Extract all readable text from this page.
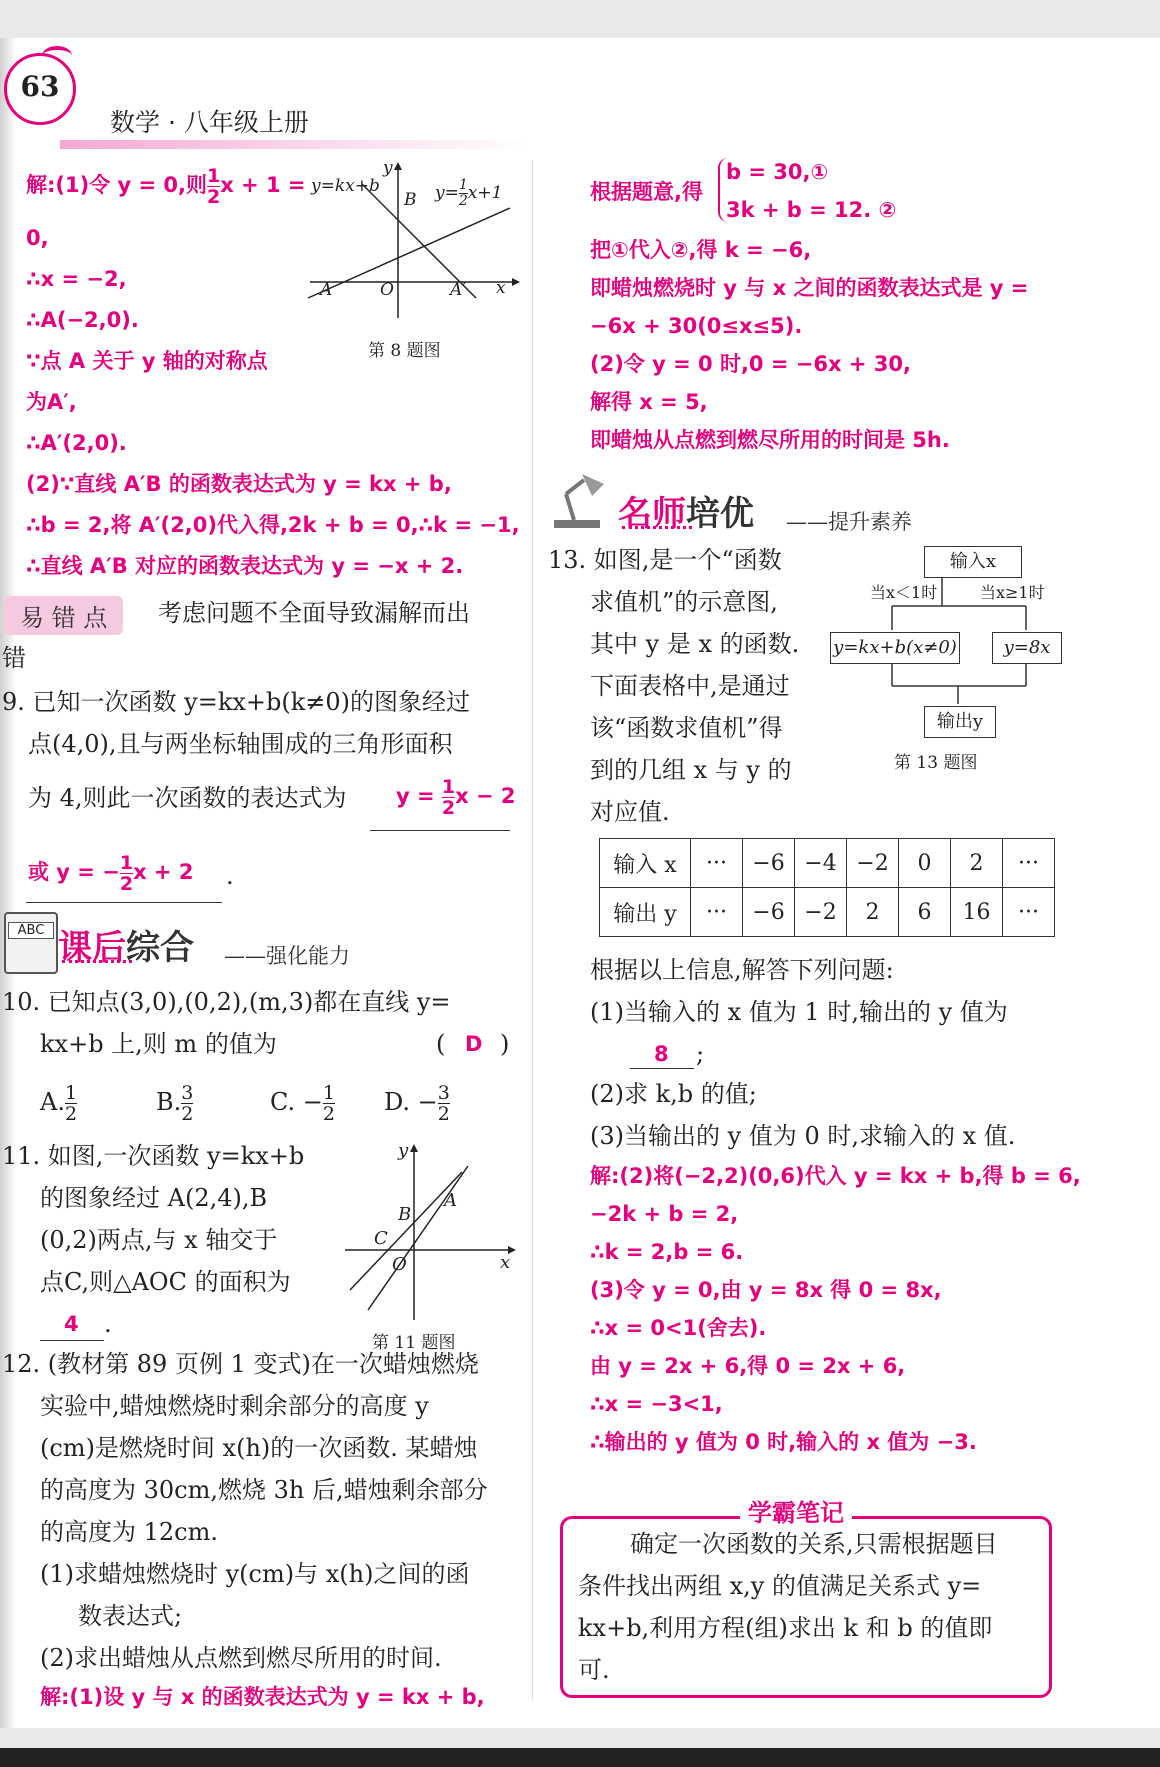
63
数学 · 八年级上册
解:(1)令 y = 0,则 $\frac{1}{2}$ x + 1 =
0,
∴x = −2,
∴A(−2,0).
∵点 A 关于 y 轴的对称点
为A′,
∴A′(2,0).
(2)∵直线 A′B 的函数表达式为 y = kx + b,
∴b = 2,将 A′(2,0)代入得,2k + b = 0,∴k = −1,
∴直线 A′B 对应的函数表达式为 y = −x + 2.
y=kx+b	$y= \frac{1}{2} x+1$
y
B
A	O	A′ x
第 8 题图
易 错 点	考虑问题不全面导致漏解而出
错
9. 已知一次函数 y=kx+b(k≠0)的图象经过
点(4,0),且与两坐标轴围成的三角形面积
为 4,则此一次函数的表达式为 $y = \frac{1}{2}$ x − 2
或 y = − $\frac{1}{2}$ x + 2 .
ABC 课后综合 ——强化能力
10. 已知点(3,0),(0,2),(m,3)都在直线 y=
kx+b 上,则 m 的值为	( D )
A. $\frac{1}{2}$	B. $\frac{3}{2}$	C. − $\frac{1}{2} D$. − $\frac{3}{2}$
11. 如图,一次函数 y=kx+b
的图象经过 A(2,4),B
(0,2)两点,与 x 轴交于
点C,则△AOC 的面积为
4 .
y
A
B
C
O	x
第 11 题图
12. (教材第 89 页例 1 变式)在一次蜡烛燃烧
实验中,蜡烛燃烧时剩余部分的高度 y
(cm)是燃烧时间 x(h)的一次函数. 某蜡烛
的高度为 30cm,燃烧 3h 后,蜡烛剩余部分
的高度为 12cm.
(1)求蜡烛燃烧时 y(cm)与 x(h)之间的函
数表达式;
(2)求出蜡烛从点燃到燃尽所用的时间.
解:(1)设 y 与 x 的函数表达式为 y = kx + b,
根据题意,得
b = 30,①
3k + b = 12. ②
把①代入②,得 k = −6,
即蜡烛燃烧时 y 与 x 之间的函数表达式是 y =
−6x + 30(0≤x≤5).
(2)令 y = 0 时,0 = −6x + 30,
解得 x = 5,
即蜡烛从点燃到燃尽所用的时间是 5h.
名师培优 ——提升素养
13. 如图,是一个“函数
求值机”的示意图,
其中 y 是 x 的函数.
下面表格中,是通过
该“函数求值机”得
到的几组 x 与 y 的
对应值.
输入x
当x＜1时	当x≥1时
y=kx+b(x≠0)	y=8x
输出y
第 13 题图
输入 x	···	−6	−4	−2	0	2	···
输出 y	···	−6	−2	2	6	16	···
根据以上信息,解答下列问题:
(1)当输入的 x 值为 1 时,输出的 y 值为
8 ;
(2)求 k,b 的值;
(3)当输出的 y 值为 0 时,求输入的 x 值.
解:(2)将(−2,2)(0,6)代入 y = kx + b,得 b = 6,
−2k + b = 2,
∴k = 2,b = 6.
(3)令 y = 0,由 y = 8x 得 0 = 8x,
∴x = 0<1(舍去).
由 y = 2x + 6,得 0 = 2x + 6,
∴x = −3<1,
∴输出的 y 值为 0 时,输入的 x 值为 −3.
学霸笔记
确定一次函数的关系,只需根据题目
条件找出两组 x,y 的值满足关系式 y=
kx+b,利用方程(组)求出 k 和 b 的值即
可.
